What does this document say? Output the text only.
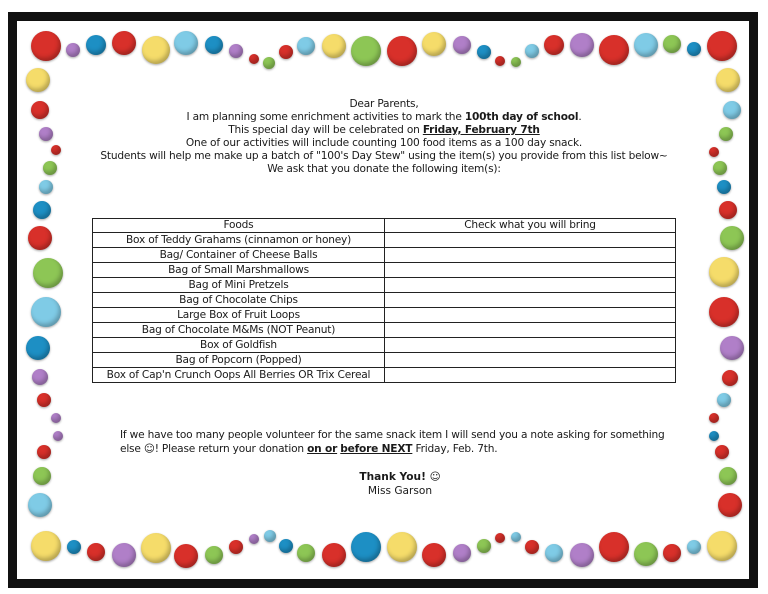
Dear Parents,

I am planning some enrichment activities to mark the 100th day of school.

This special day will be celebrated on Friday, February 7th

One of our activities will include counting 100 food items as a 100 day snack.

Students will help me make up a batch of "100's Day Stew" using the item(s) you provide from this list below~

We ask that you donate the following item(s):

Foods	Check what you will bring
Box of Teddy Grahams (cinnamon or honey)	
Bag/ Container of Cheese Balls	
Bag of Small Marshmallows	
Bag of Mini Pretzels	
Bag of Chocolate Chips	
Large Box of Fruit Loops	
Bag of Chocolate M&Ms (NOT Peanut)	
Box of Goldfish	
Bag of Popcorn (Popped)	
Box of Cap'n Crunch Oops All Berries OR Trix Cereal	

If we have too many people volunteer for the same snack item I will send you a note asking for something else ☺! Please return your donation on or before NEXT Friday, Feb. 7th.

Thank You! ☺

Miss Garson
